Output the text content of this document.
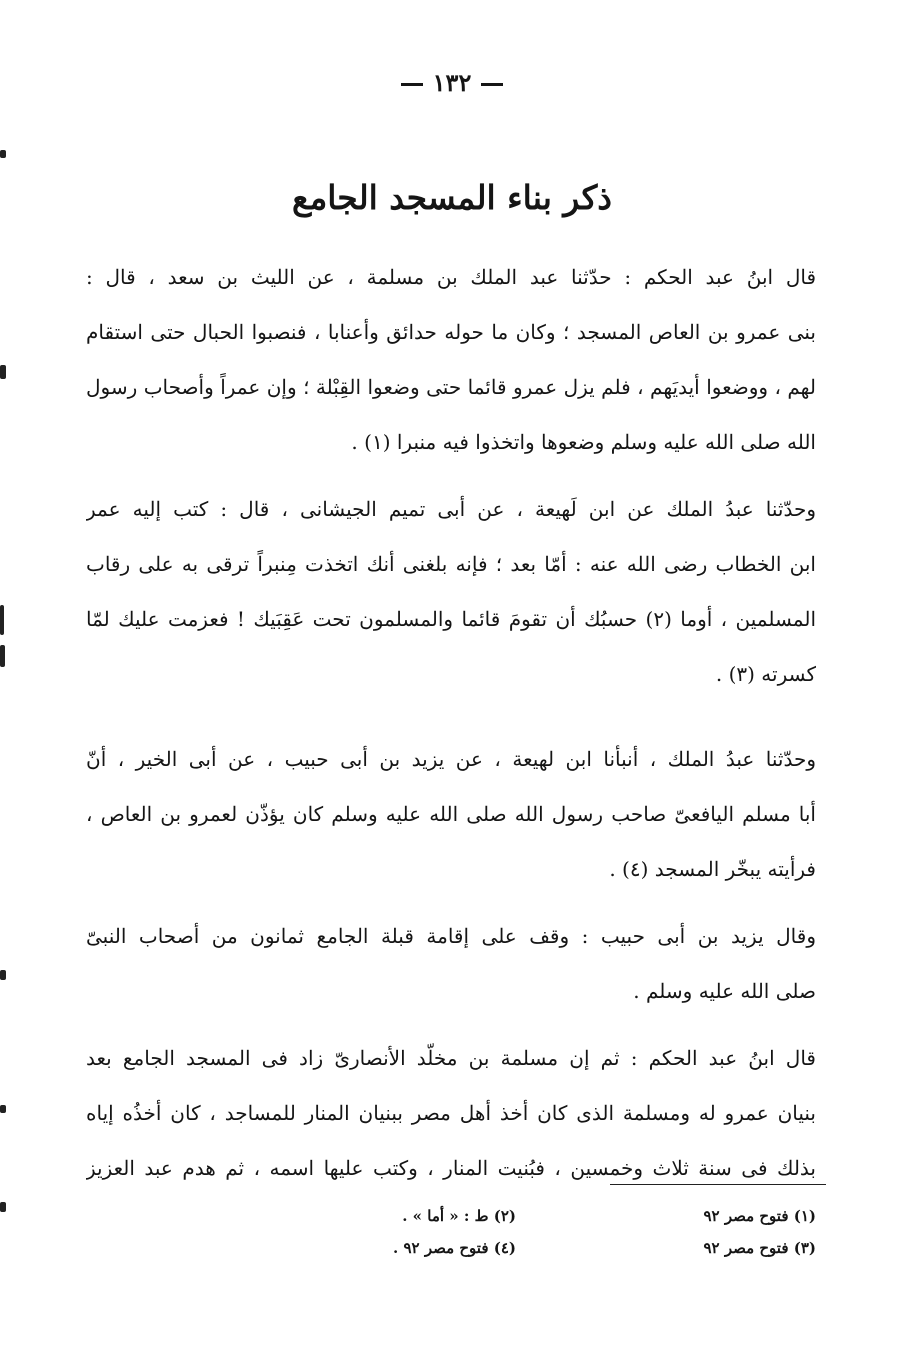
١٣٢
ذكر بناء المسجد الجامع

قال ابنُ عبد الحكم : حدّثنا عبد الملك بن مسلمة ، عن الليث بن سعد ، قال :
بنى عمرو بن العاص المسجد ؛ وكان ما حوله حدائق وأعنابا ، فنصبوا الحبال حتى استقام
لهم ، ووضعوا أيديَهم ، فلم يزل عمرو قائما حتى وضعوا القِبْلة ؛ وإن عمراً وأصحاب رسول
الله صلى الله عليه وسلم وضعوها واتخذوا فيه منبرا (١) .

وحدّثنا عبدُ الملك عن ابن لَهيعة ، عن أبى تميم الجيشانى ، قال : كتب إليه عمر
ابن الخطاب رضى الله عنه : أمّا بعد ؛ فإنه بلغنى أنك اتخذت مِنبراً ترقى به على رقاب
المسلمين ، أوما (٢) حسبُك أن تقومَ قائما والمسلمون تحت عَقِبَيك ! فعزمت عليك لمّا
كسرته (٣) .

وحدّثنا عبدُ الملك ، أنبأنا ابن لهيعة ، عن يزيد بن أبى حبيب ، عن أبى الخير ، أنّ
أبا مسلم اليافعىّ صاحب رسول الله صلى الله عليه وسلم كان يؤذّن لعمرو بن العاص ،
فرأيته يبخّر المسجد (٤) .

وقال يزيد بن أبى حبيب : وقف على إقامة قبلة الجامع ثمانون من أصحاب النبىّ
صلى الله عليه وسلم .

قال ابنُ عبد الحكم : ثم إن مسلمة بن مخلّد الأنصارىّ زاد فى المسجد الجامع بعد
بنيان عمرو له ومسلمة الذى كان أخذ أهل مصر ببنيان المنار للمساجد ، كان أخذُه إياه
بذلك فى سنة ثلاث وخمسين ، فبُنيت المنار ، وكتب عليها اسمه ، ثم هدم عبد العزيز

(١) فتوح مصر ٩٢
(٢) ط : « أما » .
(٣) فتوح مصر ٩٢
(٤) فتوح مصر ٩٢ .
